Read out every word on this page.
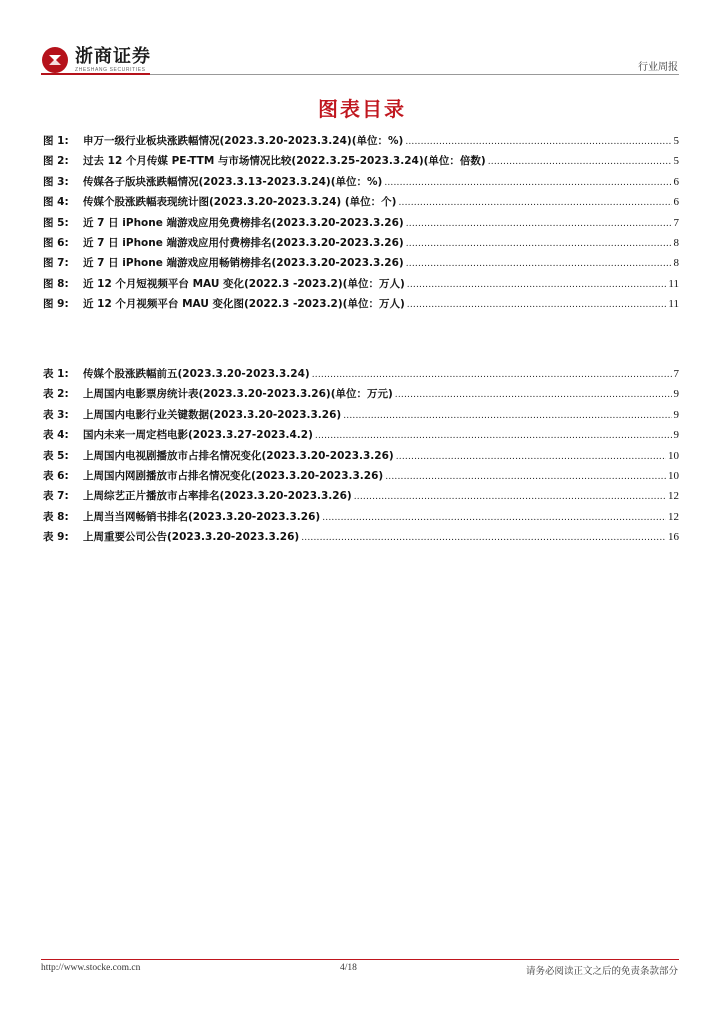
浙商证券
ZHESHANG SECURITIES	行业周报
图表目录
图 1:	申万一级行业板块涨跌幅情况(2023.3.20-2023.3.24)(单位：%) .....	5
图 2:	过去 12 个月传媒 PE-TTM 与市场情况比较(2022.3.25-2023.3.24)(单位：倍数) .....	5
图 3:	传媒各子版块涨跌幅情况(2023.3.13-2023.3.24)(单位：%) .....	6
图 4:	传媒个股涨跌幅表现统计图(2023.3.20-2023.3.24) (单位：个) .....	6
图 5:	近 7 日 iPhone 端游戏应用免费榜排名(2023.3.20-2023.3.26) .....	7
图 6:	近 7 日 iPhone 端游戏应用付费榜排名(2023.3.20-2023.3.26) .....	8
图 7:	近 7 日 iPhone 端游戏应用畅销榜排名(2023.3.20-2023.3.26) .....	8
图 8:	近 12 个月短视频平台 MAU 变化(2022.3 -2023.2)(单位：万人) .....	11
图 9:	近 12 个月视频平台 MAU 变化图(2022.3 -2023.2)(单位：万人) .....	11
表 1:	传媒个股涨跌幅前五(2023.3.20-2023.3.24) .....	7
表 2:	上周国内电影票房统计表(2023.3.20-2023.3.26)(单位：万元) .....	9
表 3:	上周国内电影行业关键数据(2023.3.20-2023.3.26) .....	9
表 4:	国内未来一周定档电影(2023.3.27-2023.4.2) .....	9
表 5:	上周国内电视剧播放市占排名情况变化(2023.3.20-2023.3.26) .....	10
表 6:	上周国内网剧播放市占排名情况变化(2023.3.20-2023.3.26) .....	10
表 7:	上周综艺正片播放市占率排名(2023.3.20-2023.3.26) .....	12
表 8:	上周当当网畅销书排名(2023.3.20-2023.3.26) .....	12
表 9:	上周重要公司公告(2023.3.20-2023.3.26) .....	16
http://www.stocke.com.cn	4/18	请务必阅读正文之后的免责条款部分
